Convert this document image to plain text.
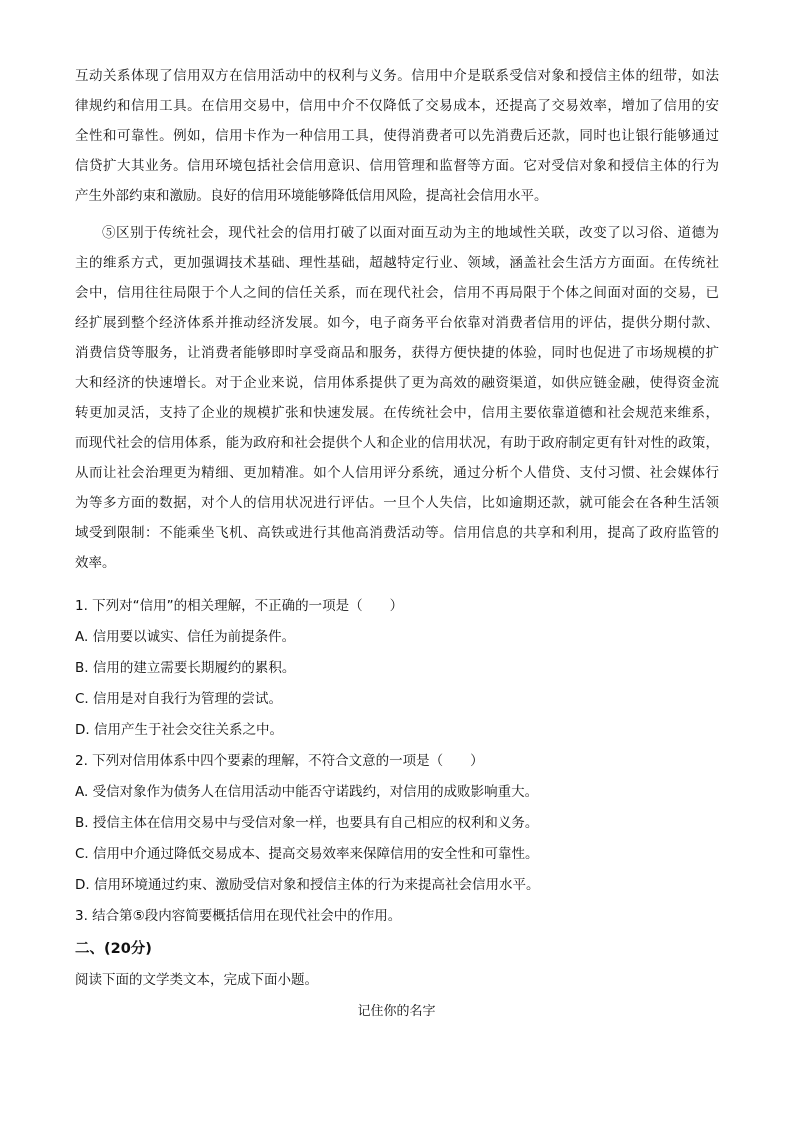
互动关系体现了信用双方在信用活动中的权利与义务。信用中介是联系受信对象和授信主体的纽带，如法
律规约和信用工具。在信用交易中，信用中介不仅降低了交易成本，还提高了交易效率，增加了信用的安
全性和可靠性。例如，信用卡作为一种信用工具，使得消费者可以先消费后还款，同时也让银行能够通过
信贷扩大其业务。信用环境包括社会信用意识、信用管理和监督等方面。它对受信对象和授信主体的行为
产生外部约束和激励。良好的信用环境能够降低信用风险，提高社会信用水平。
⑤区别于传统社会，现代社会的信用打破了以面对面互动为主的地域性关联，改变了以习俗、道德为
主的维系方式，更加强调技术基础、理性基础，超越特定行业、领域，涵盖社会生活方方面面。在传统社
会中，信用往往局限于个人之间的信任关系，而在现代社会，信用不再局限于个体之间面对面的交易，已
经扩展到整个经济体系并推动经济发展。如今，电子商务平台依靠对消费者信用的评估，提供分期付款、
消费信贷等服务，让消费者能够即时享受商品和服务，获得方便快捷的体验，同时也促进了市场规模的扩
大和经济的快速增长。对于企业来说，信用体系提供了更为高效的融资渠道，如供应链金融，使得资金流
转更加灵活，支持了企业的规模扩张和快速发展。在传统社会中，信用主要依靠道德和社会规范来维系，
而现代社会的信用体系，能为政府和社会提供个人和企业的信用状况，有助于政府制定更有针对性的政策，
从而让社会治理更为精细、更加精准。如个人信用评分系统，通过分析个人借贷、支付习惯、社会媒体行
为等多方面的数据，对个人的信用状况进行评估。一旦个人失信，比如逾期还款，就可能会在各种生活领
域受到限制：不能乘坐飞机、高铁或进行其他高消费活动等。信用信息的共享和利用，提高了政府监管的
效率。
1. 下列对“信用”的相关理解，不正确的一项是（　　）
A. 信用要以诚实、信任为前提条件。
B. 信用的建立需要长期履约的累积。
C. 信用是对自我行为管理的尝试。
D. 信用产生于社会交往关系之中。
2. 下列对信用体系中四个要素的理解，不符合文意的一项是（　　）
A. 受信对象作为债务人在信用活动中能否守诺践约，对信用的成败影响重大。
B. 授信主体在信用交易中与受信对象一样，也要具有自己相应的权利和义务。
C. 信用中介通过降低交易成本、提高交易效率来保障信用的安全性和可靠性。
D. 信用环境通过约束、激励受信对象和授信主体的行为来提高社会信用水平。
3. 结合第⑤段内容简要概括信用在现代社会中的作用。
二、(20分)
阅读下面的文学类文本，完成下面小题。
记住你的名字
